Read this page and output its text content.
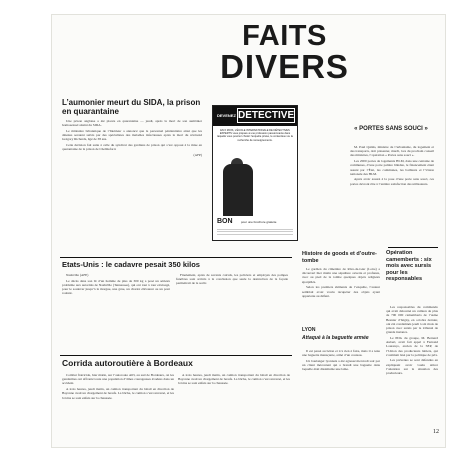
FAITS
DIVERS
L’aumonier meurt du SIDA, la prison en quarantaine

Une prison anglaise a été placée en quarantaine — jeudi, après la mort de son aumônier homosexuel atteint du SIDA.

Le ministère britannique de l’Intérieur a annoncé que le personnel pénitentiaire ainsi que les détenus seraient suivis par des spécialistes des maladies infectieuses après la mort du révérend Grégory Richards, âgé de 38 ans.

Cette décision fait suite à celle du syndicat des gardiens de prison qui s’est opposé à la mise en quarantaine de la prison de Chelmsford.

(AFP)

DEVENEZ DETECTIVE
EN 6 MOIS, L’ÉCOLE INTERNATIONALE DE DÉTECTIVES EXPERTS vous prépare à une profession passionnante dans laquelle vous pourrez choisir l’enquête privée, le contentieux ou la recherche de renseignements.
BON	pour une brochure gratuite
« PORTES SANS SOUCI »

M. Paul Quilès, ministre de l’urbanisme, du logement et des transports, doit présenter, mardi, lors du prochain conseil des ministres, l’opération « Portes sans souci ».

Les 2000 portes de logements HLM, dans une centaine de communes, d’une porte palière blindée, le financement étant assuré par l’État, les communes, les bailleurs et l’Union nationale des HLM.

Après avoir assuré à la pose d’une porte sans souci, ces portes devront être à l’entière satisfaction des utilisateurs.

Etats-Unis : le cadavre pesait 350 kilos

Nashville (AFP)

Le décès dans son lit d’un homme de plus de 300 kg a posé un sérieux problème aux autorités de Nashville (Tennessee), qui ont tout à tour envisagé, pour le soulever jusqu’à la morgue, une grue, un chariot élévateur ou un pont roulant.

Finalement, après de savants calculs, les policiers et employés des pompes funèbres sont arrivés à la conclusion que seule la destruction de la façade permettrait de le sortir.

Histoire de goods et d’outre-tombe

Le gardien du cimetière de Rive-de-Gier (Loire) a découvert hier matin une sépulture ouverte et profanée, avec au pied de la tombe quelques objets religieux éparpillés.

Selon les premiers éléments de l’enquête, l’auteur semblait avoir voulu récupérer des objets ayant appartenu au défunt.

LYON
Attaqué à la baguette armée

Il est passé au béton et n’a rien à faire, mais il a tenu une baguette menaçante, armé d’un couteau.

Un boulanger lyonnais a été agressé mercredi soir par un client mécontent qui a brandi une baguette dans laquelle était dissimulée une lame.

Opération camemberts : six mois avec sursis pour les responsables

Les responsables du commando qui avait détourné un camion de plus de 700 000 camemberts de l’usine Besnier d’Isigny, en octobre dernier, ont été condamnés jeudi à six mois de prison avec sursis par le tribunal de grande instance.

Le PDG du groupe, M. Bernard Aubert, avait fait appel à Fernand Lourenço, ancien de la SEP, de l’Union des producteurs laitiers, qui s’estimait lésé par la politique de prix.

Les prévenus se sont défendus en expliquant avoir voulu attirer l’attention sur la situation des producteurs.

Corrida autoroutière à Bordeaux

Combat fratricide, hier matin, sur l’autoroute A63, au sud de Bordeaux, où les gendarmes ont affronté toute une population d’âmes courageuses évadées dans un accident.

A trois heures, jeudi matin, un camion transportant du bétail en direction de Bayonne avait un chargement de bœufs. La bâche, le camion s’est renversé, et les bovins se sont enfuis sur la chaussée.

A trois heures, jeudi matin, un camion transportant du bétail en direction de Bayonne avait un chargement de bœufs. La bâche, le camion s’est renversé, et les bovins se sont enfuis sur la chaussée.

12
